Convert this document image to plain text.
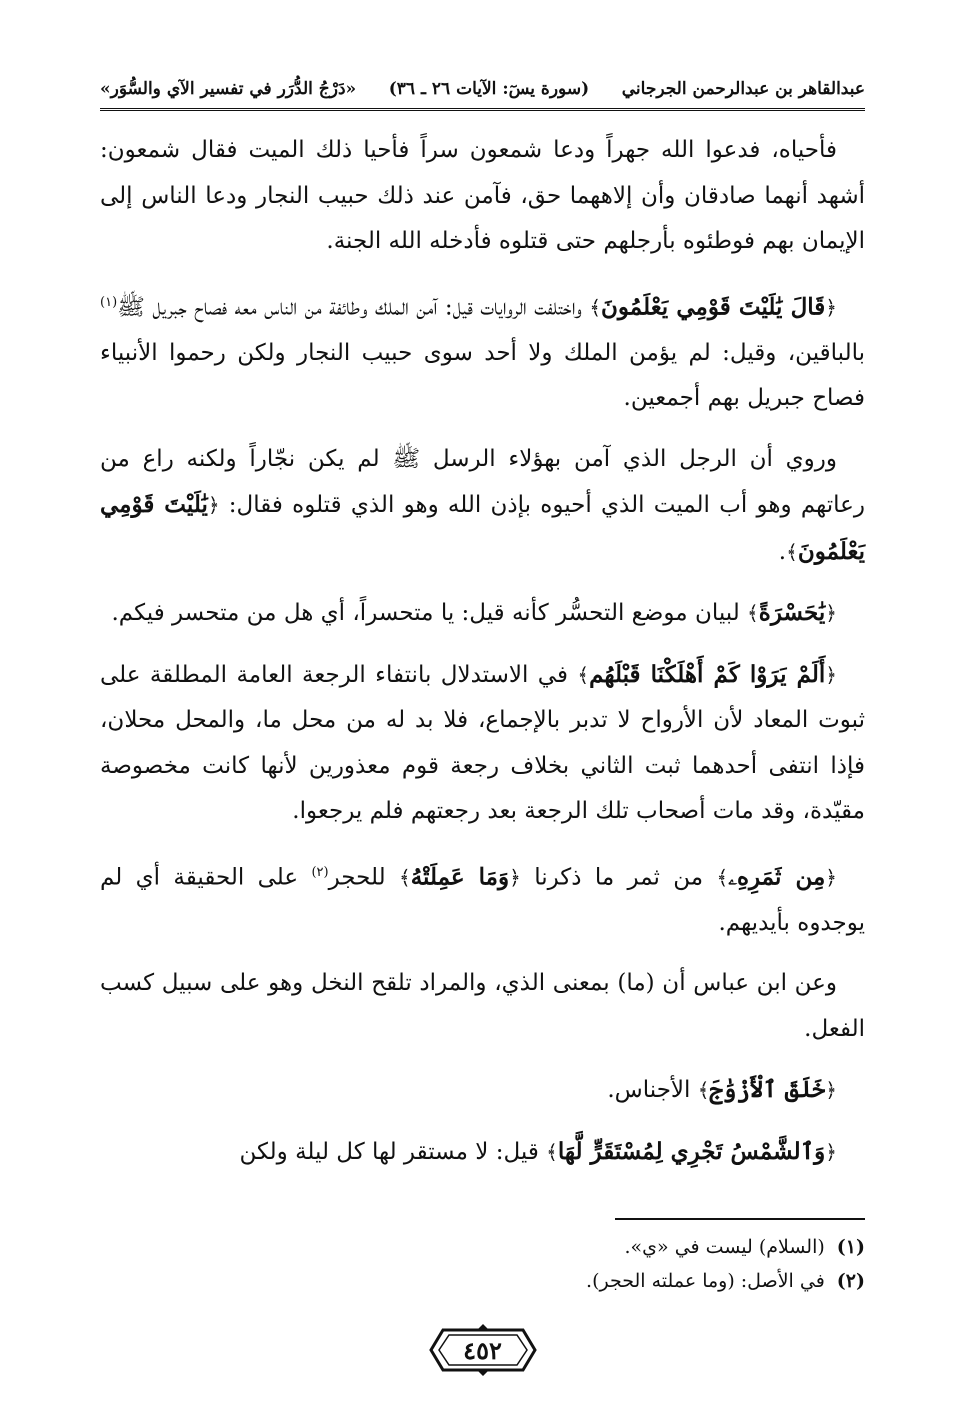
عبدالقاهر بن عبدالرحمن الجرجاني
(سورة يسٓ: الآيات ٢٦ ـ ٣٦)
«دَرْجُ الدُّرَر في تفسير الآي والسُّوَر»

فأحياه، فدعوا الله جهراً ودعا شمعون سراً فأحيا ذلك الميت فقال شمعون: أشهد أنهما صادقان وأن إلاههما حق، فآمن عند ذلك حبيب النجار ودعا الناس إلى الإيمان بهم فوطئوه بأرجلهم حتى قتلوه فأدخله الله الجنة.

﴿قَالَ يَٰلَيْتَ قَوْمِي يَعْلَمُونَ﴾ واختلفت الروايات قيل: آمن الملك وطائفة من الناس معه فصاح جبريل ﷺ$^{(١)}$ بالباقين، وقيل: لم يؤمن الملك ولا أحد سوى حبيب النجار ولكن رحموا الأنبياء فصاح جبريل بهم أجمعين.

وروي أن الرجل الذي آمن بهؤلاء الرسل ﷺ لم يكن نجّاراً ولكنه راع من رعاتهم وهو أب الميت الذي أحيوه بإذن الله وهو الذي قتلوه فقال: ﴿يَٰلَيْتَ قَوْمِي يَعْلَمُونَ﴾.

﴿يَٰحَسْرَةً﴾ لبيان موضع التحسُّر كأنه قيل: يا متحسراً، أي هل من متحسر فيكم.

﴿أَلَمْ يَرَوْا كَمْ أَهْلَكْنَا قَبْلَهُم﴾ في الاستدلال بانتفاء الرجعة العامة المطلقة على ثبوت المعاد لأن الأرواح لا تدبر بالإجماع، فلا بد له من محل ما، والمحل محلان، فإذا انتفى أحدهما ثبت الثاني بخلاف رجعة قوم معذورين لأنها كانت مخصوصة مقيّدة، وقد مات أصحاب تلك الرجعة بعد رجعتهم فلم يرجعوا.

﴿مِن ثَمَرِهِۦ﴾ من ثمر ما ذكرنا ﴿وَمَا عَمِلَتْهُ﴾ للحجر$^{(٢)}$ على الحقيقة أي لم يوجدوه بأيديهم.

وعن ابن عباس أن (ما) بمعنى الذي، والمراد تلقح النخل وهو على سبيل كسب الفعل.

﴿خَلَقَ ٱلْأَزْوَٰجَ﴾ الأجناس.

﴿وَٱلشَّمْسُ تَجْرِي لِمُسْتَقَرٍّ لَّهَا﴾ قيل: لا مستقر لها كل ليلة ولكن

(١)(السلام) ليست في «ي».
(٢)في الأصل: (وما عملته الحجر).
٤٥٢
